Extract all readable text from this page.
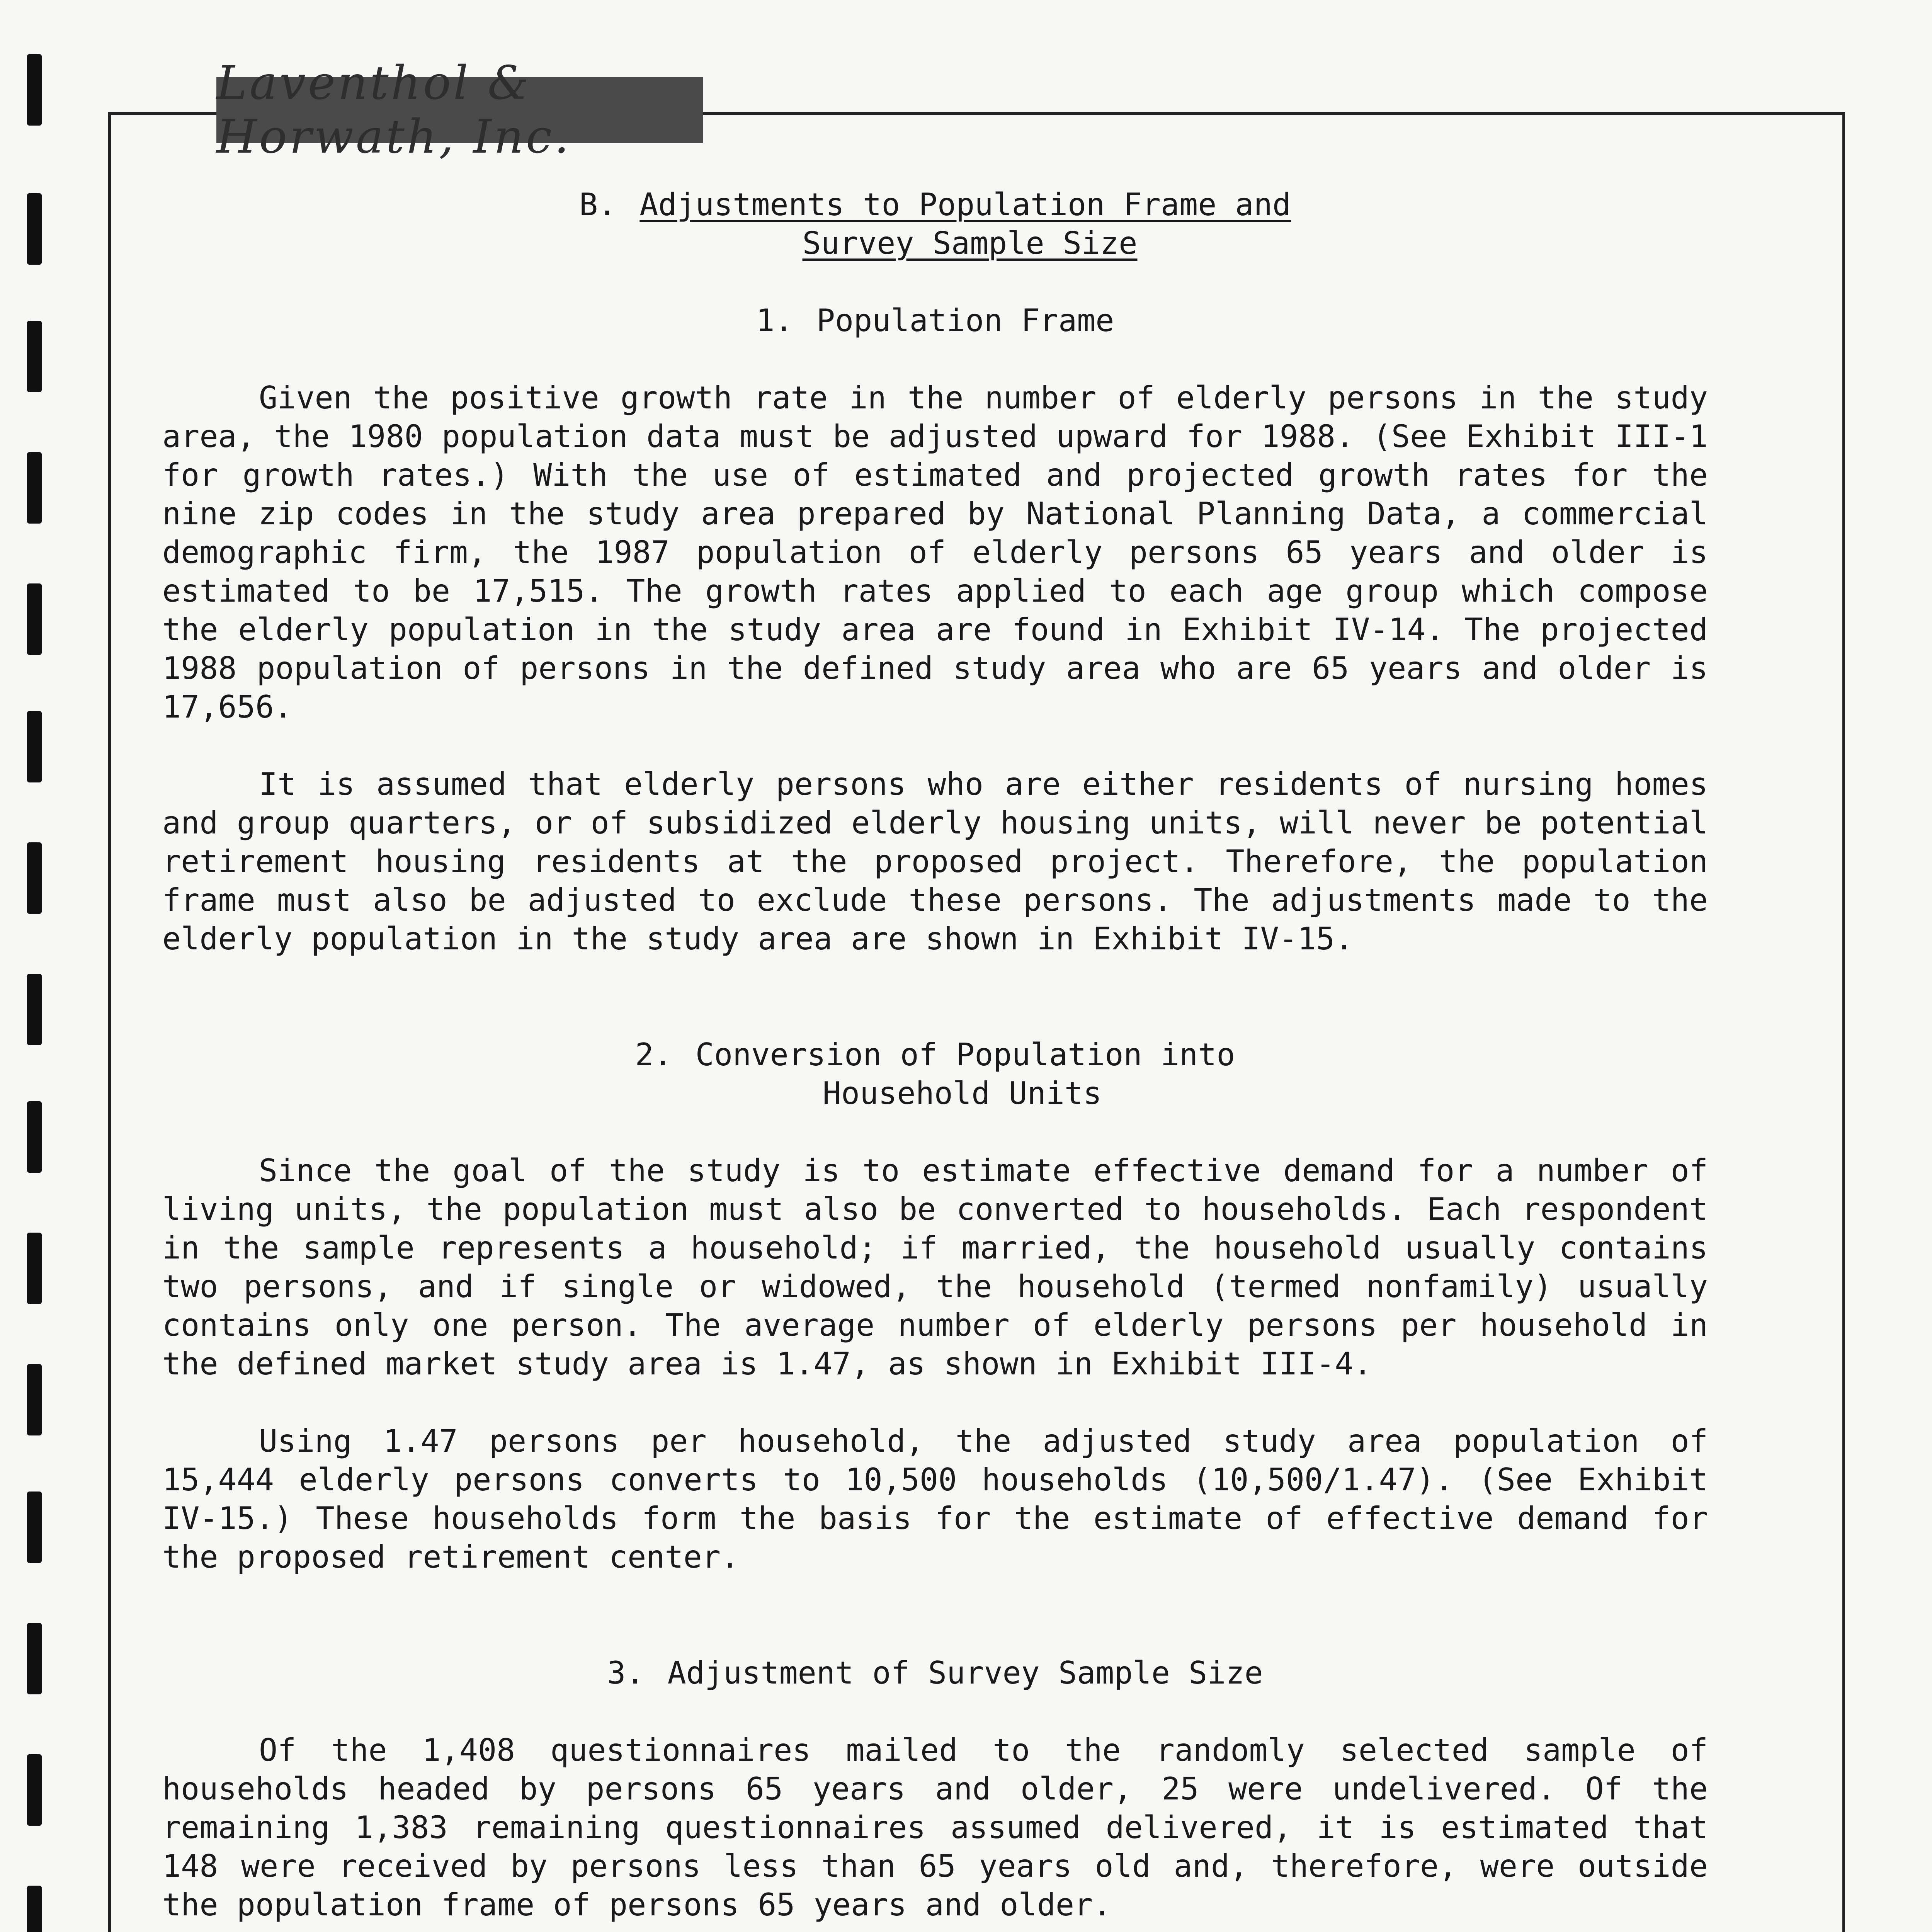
Laventhol & Horwath, Inc.
B. Adjustments to Population Frame and
Survey Sample Size
1. Population Frame

Given the positive growth rate in the number of elderly persons in the study area, the 1980 population data must be adjusted upward for 1988. (See Exhibit III-1 for growth rates.) With the use of estimated and projected growth rates for the nine zip codes in the study area prepared by National Planning Data, a commercial demographic firm, the 1987 population of elderly persons 65 years and older is estimated to be 17,515. The growth rates applied to each age group which compose the elderly population in the study area are found in Exhibit IV-14. The projected 1988 population of persons in the defined study area who are 65 years and older is 17,656.

It is assumed that elderly persons who are either residents of nursing homes and group quarters, or of subsidized elderly housing units, will never be potential retirement housing residents at the proposed project. Therefore, the population frame must also be adjusted to exclude these persons. The adjustments made to the elderly population in the study area are shown in Exhibit IV-15.

2. Conversion of Population into
Household Units

Since the goal of the study is to estimate effective demand for a number of living units, the population must also be converted to households. Each respondent in the sample represents a household; if married, the household usually contains two persons, and if single or widowed, the household (termed nonfamily) usually contains only one person. The average number of elderly persons per household in the defined market study area is 1.47, as shown in Exhibit III-4.

Using 1.47 persons per household, the adjusted study area population of 15,444 elderly persons converts to 10,500 households (10,500/1.47). (See Exhibit IV-15.) These households form the basis for the estimate of effective demand for the proposed retirement center.

3. Adjustment of Survey Sample Size

Of the 1,408 questionnaires mailed to the randomly selected sample of households headed by persons 65 years and older, 25 were undelivered. Of the remaining 1,383 remaining questionnaires assumed delivered, it is estimated that 148 were received by persons less than 65 years old and, therefore, were outside the population frame of persons 65 years and older.
